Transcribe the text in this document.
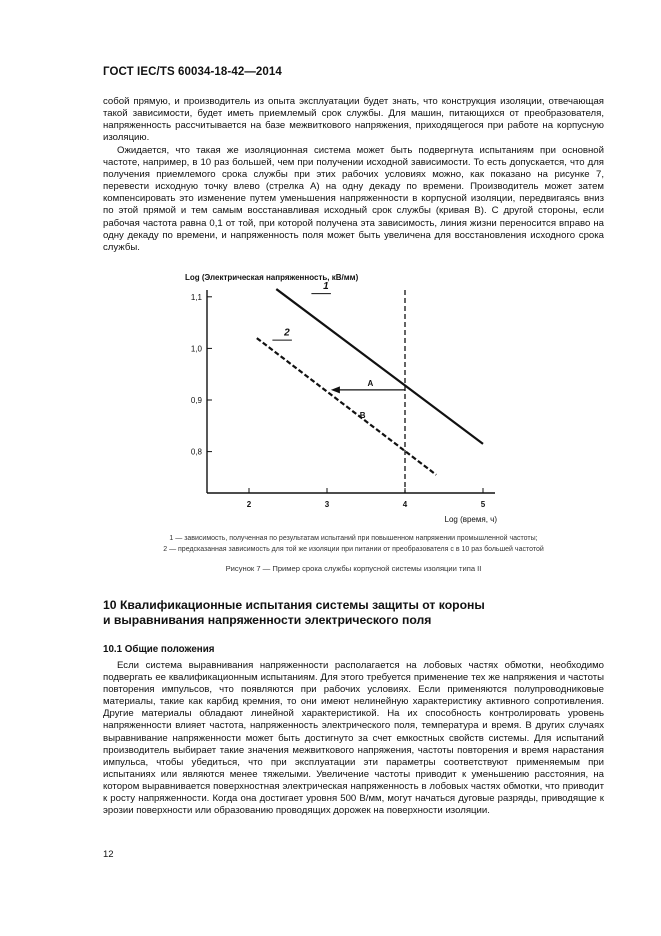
ГОСТ IEC/TS 60034-18-42—2014

собой прямую, и производитель из опыта эксплуатации будет знать, что конструкция изоляции, отвечающая такой зависимости, будет иметь приемлемый срок службы. Для машин, питающихся от преобразователя, напряженность рассчитывается на базе межвиткового напряжения, приходящегося при работе на корпусную изоляцию.

Ожидается, что такая же изоляционная система может быть подвергнута испытаниям при основной частоте, например, в 10 раз большей, чем при получении исходной зависимости. То есть допускается, что для получения приемлемого срока службы при этих рабочих условиях можно, как показано на рисунке 7, перевести исходную точку влево (стрелка А) на одну декаду по времени. Производитель может затем компенсировать это изменение путем уменьшения напряженности в корпусной изоляции, передвигаясь вниз по этой прямой и тем самым восстанавливая исходный срок службы (кривая В). С другой стороны, если рабочая частота равна 0,1 от той, при которой получена эта зависимость, линия жизни переносится вправо на одну декаду по времени, и напряженность поля может быть увеличена для восстановления исходного срока службы.

Log (Электрическая напряженность, кВ/мм)
1,1
1,0
0,9
0,8
2	3	4	5
Log (время, ч)
1
2
A
B

1 — зависимость, полученная по результатам испытаний при повышенном напряжении промышленной частоты;

2 — предсказанная зависимость для той же изоляции при питании от преобразователя с в 10 раз большей частотой

Рисунок 7 — Пример срока службы корпусной системы изоляции типа II
10 Квалификационные испытания системы защиты от короны
и выравнивания напряженности электрического поля
10.1 Общие положения

Если система выравнивания напряженности располагается на лобовых частях обмотки, необходимо подвергать ее квалификационным испытаниям. Для этого требуется применение тех же напряжения и частоты повторения импульсов, что появляются при рабочих условиях. Если применяются полупроводниковые материалы, такие как карбид кремния, то они имеют нелинейную характеристику активного сопротивления. Другие материалы обладают линейной характеристикой. На их способность контролировать уровень напряженности влияет частота, напряженность электрического поля, температура и время. В других случаях выравнивание напряженности может быть достигнуто за счет емкостных свойств системы. Для испытаний производитель выбирает такие значения межвиткового напряжения, частоты повторения и время нарастания импульса, чтобы убедиться, что при эксплуатации эти параметры соответствуют применяемым при испытаниях или являются менее тяжелыми. Увеличение частоты приводит к уменьшению расстояния, на котором выравнивается поверхностная электрическая напряженность в лобовых частях обмотки, что приводит к росту напряженности. Когда она достигает уровня 500 В/мм, могут начаться дуговые разряды, приводящие к эрозии поверхности или образованию проводящих дорожек на поверхности изоляции.

12
